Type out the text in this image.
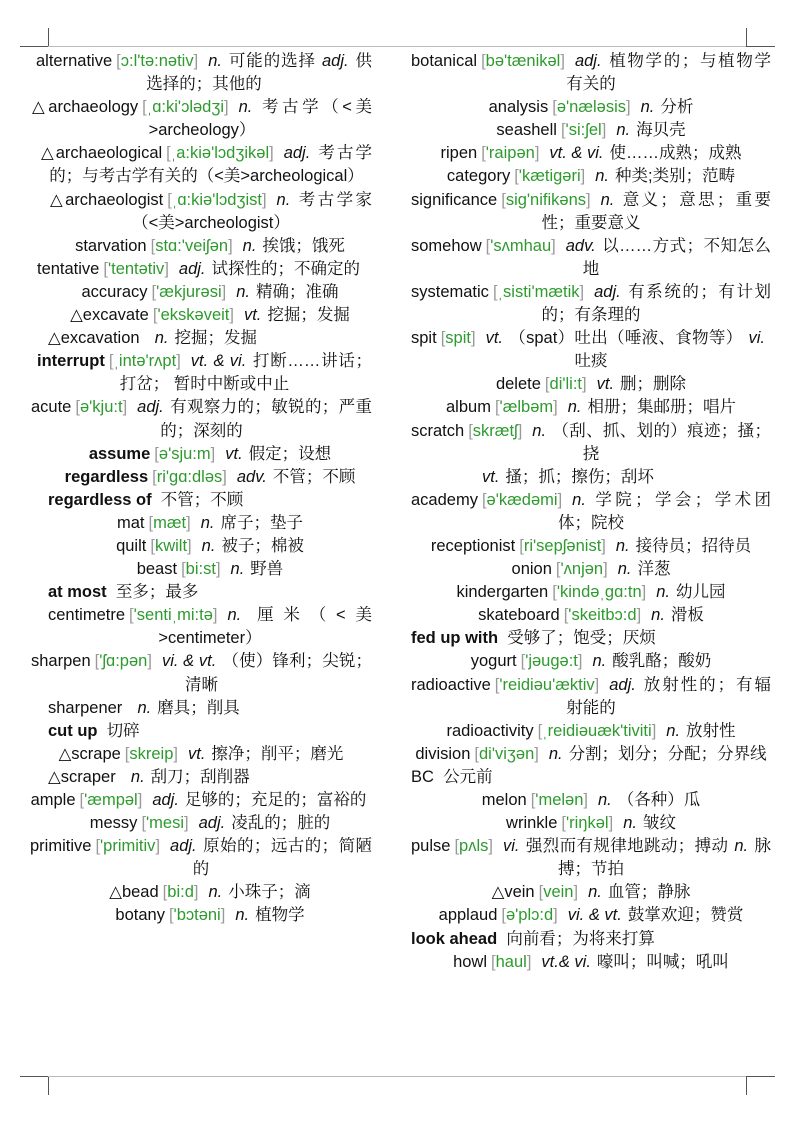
alternative [ɔ:l'tə:nətiv] n. 可能的选择 adj. 供选择的；其他的
△archaeology [ˌɑ:ki'ɔlədʒi] n. 考古学（<美>archeology）
△archaeological [ˌa:kiə'lɔdʒikəl] adj. 考古学的；与考古学有关的（<美>archeological）
△archaeologist [ˌɑ:kiə'lɔdʒist] n. 考古学家（<美>archeologist）
starvation [stɑ:'veiʃən] n. 挨饿；饿死
tentative ['tentətiv] adj. 试探性的；不确定的
accuracy ['ækjurəsi] n. 精确；准确
△excavate ['ekskəveit] vt. 挖掘；发掘
△excavation n. 挖掘；发掘
interrupt [ˌintə'rʌpt] vt. & vi. 打断……讲话；打岔； 暂时中断或中止
acute [ə'kju:t] adj. 有观察力的；敏锐的；严重的；深刻的
assume [ə'sju:m] vt. 假定；设想
regardless [ri'gɑ:dləs] adv. 不管；不顾
regardless of 不管；不顾
mat [mæt] n. 席子；垫子
quilt [kwilt] n. 被子；棉被
beast [bi:st] n. 野兽
at most 至多；最多
centimetre ['sentiˌmi:tə] n. 厘米（<美>centimeter）
sharpen ['ʃɑ:pən] vi. & vt. （使）锋利；尖锐；清晰
sharpener n. 磨具；削具
cut up 切碎
△scrape [skreip] vt. 擦净；削平；磨光
△scraper n. 刮刀；刮削器
ample ['æmpəl] adj. 足够的；充足的；富裕的
messy ['mesi] adj. 凌乱的；脏的
primitive ['primitiv] adj. 原始的；远古的；简陋的
△bead [bi:d] n. 小珠子；滴
botany ['bɔtəni] n. 植物学
botanical [bə'tænikəl] adj. 植物学的；与植物学有关的
analysis [ə'næləsis] n. 分析
seashell ['si:ʃel] n. 海贝壳
ripen ['raipən] vt. & vi. 使……成熟；成熟
category ['kætigəri] n. 种类;类别；范畴
significance [sig'nifikəns] n. 意义；意思；重要性；重要意义
somehow ['sʌmhau] adv. 以……方式；不知怎么地
systematic [ˌsisti'mætik] adj. 有系统的；有计划的；有条理的
spit [spit] vt. （spat）吐出（唾液、食物等） vi.吐痰
delete [di'li:t] vt. 删；删除
album ['ælbəm] n. 相册；集邮册；唱片
scratch [skrætʃ] n. （刮、抓、划的）痕迹；搔；挠
vt. 搔；抓；擦伤；刮坏
academy [ə'kædəmi] n. 学院；学会；学术团体；院校
receptionist [ri'sepʃənist] n. 接待员；招待员
onion ['ʌnjən] n. 洋葱
kindergarten ['kindəˌgɑ:tn] n. 幼儿园
skateboard ['skeitbɔ:d] n. 滑板
fed up with 受够了；饱受；厌烦
yogurt ['jəugə:t] n. 酸乳酪；酸奶
radioactive ['reidiəu'æktiv] adj. 放射性的；有辐射能的
radioactivity [ˌreidiəuæk'tiviti] n. 放射性
division [di'viʒən] n. 分割；划分；分配；分界线
BC 公元前
melon ['melən] n. （各种）瓜
wrinkle ['riŋkəl] n. 皱纹
pulse [pʌls] vi. 强烈而有规律地跳动；搏动 n. 脉搏；节拍
△vein [vein] n. 血管；静脉
applaud [ə'plɔ:d] vi. & vt. 鼓掌欢迎；赞赏
look ahead 向前看；为将来打算
howl [haul] vt.& vi. 嚎叫；叫喊；吼叫
